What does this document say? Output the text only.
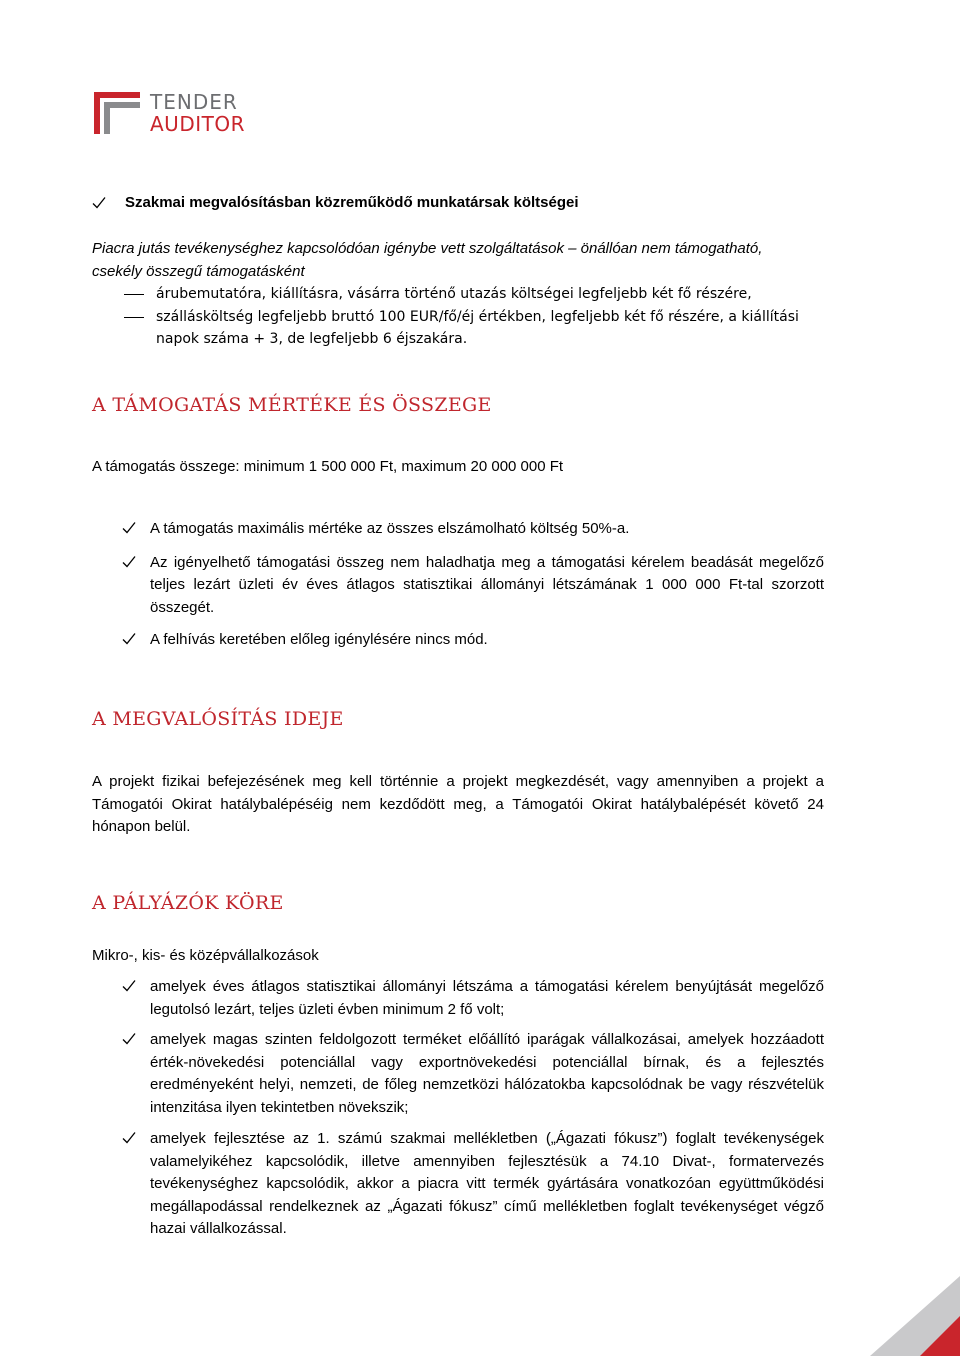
TENDER
AUDITOR
Szakmai megvalósításban közreműködő munkatársak költségei
Piacra jutás tevékenységhez kapcsolódóan igénybe vett szolgáltatások – önállóan nem támogatható,
csekély összegű támogatásként
árubemutatóra, kiállításra, vásárra történő utazás költségei legfeljebb két fő részére,
szállásköltség legfeljebb bruttó 100 EUR/fő/éj értékben, legfeljebb két fő részére, a kiállítási napok száma + 3, de legfeljebb 6 éjszakára.
A TÁMOGATÁS MÉRTÉKE ÉS ÖSSZEGE
A támogatás összege: minimum 1 500 000 Ft, maximum 20 000 000 Ft
A támogatás maximális mértéke az összes elszámolható költség 50%-a.
Az igényelhető támogatási összeg nem haladhatja meg a támogatási kérelem beadását megelőző teljes lezárt üzleti év éves átlagos statisztikai állományi létszámának 1 000 000 Ft-tal szorzott összegét.
A felhívás keretében előleg igénylésére nincs mód.
A MEGVALÓSÍTÁS IDEJE
A projekt fizikai befejezésének meg kell történnie a projekt megkezdését, vagy amennyiben a projekt a Támogatói Okirat hatálybalépéséig nem kezdődött meg, a Támogatói Okirat hatálybalépését követő 24 hónapon belül.
A PÁLYÁZÓK KÖRE
Mikro-, kis- és középvállalkozások
amelyek éves átlagos statisztikai állományi létszáma a támogatási kérelem benyújtását megelőző legutolsó lezárt, teljes üzleti évben minimum 2 fő volt;
amelyek magas szinten feldolgozott terméket előállító iparágak vállalkozásai, amelyek hozzáadott érték-növekedési potenciállal vagy exportnövekedési potenciállal bírnak, és a fejlesztés eredményeként helyi, nemzeti, de főleg nemzetközi hálózatokba kapcsolódnak be vagy részvételük intenzitása ilyen tekintetben növekszik;
amelyek fejlesztése az 1. számú szakmai mellékletben („Ágazati fókusz”) foglalt tevékenységek valamelyikéhez kapcsolódik, illetve amennyiben fejlesztésük a 74.10 Divat-, formatervezés tevékenységhez kapcsolódik, akkor a piacra vitt termék gyártására vonatkozóan együttműködési megállapodással rendelkeznek az „Ágazati fókusz” című mellékletben foglalt tevékenységet végző hazai vállalkozással.
